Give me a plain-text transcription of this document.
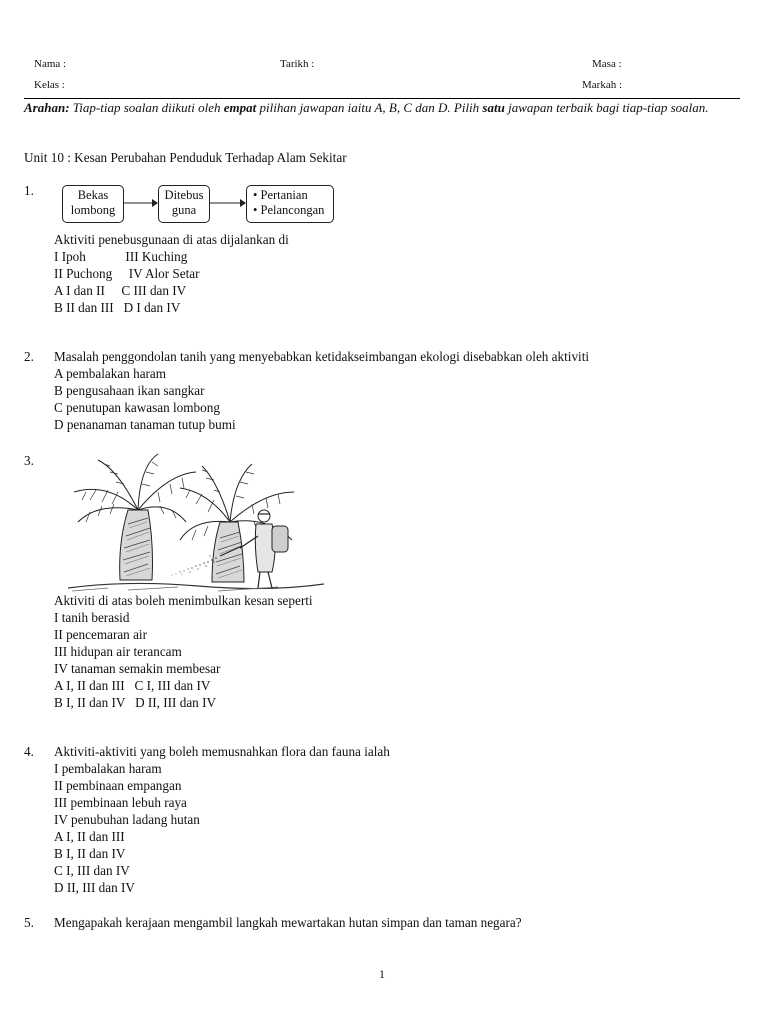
Nama :	Tarikh :	Masa :
Kelas :	Markah :
Arahan: Tiap-tiap soalan diikuti oleh empat pilihan jawapan iaitu A, B, C dan D. Pilih satu jawapan terbaik bagi tiap-tiap soalan.
Unit 10 : Kesan Perubahan Penduduk Terhadap Alam Sekitar
1.	Bekas
lombong
Ditebus
guna
• Pertanian
• Pelancongan
Aktiviti penebusgunaan di atas dijalankan di
I Ipoh            III Kuching
II Puchong     IV Alor Setar
A I dan II     C III dan IV
B II dan III   D I dan IV
2. Masalah penggondolan tanih yang menyebabkan ketidakseimbangan ekologi disebabkan oleh aktiviti
A pembalakan haram
B pengusahaan ikan sangkar
C penutupan kawasan lombong
D penanaman tanaman tutup bumi
3.
Aktiviti di atas boleh menimbulkan kesan seperti
I tanih berasid
II pencemaran air
III hidupan air terancam
IV tanaman semakin membesar
A I, II dan III   C I, III dan IV
B I, II dan IV   D II, III dan IV
4. Aktiviti-aktiviti yang boleh memusnahkan flora dan fauna ialah
I pembalakan haram
II pembinaan empangan
III pembinaan lebuh raya
IV penubuhan ladang hutan
A I, II dan III
B I, II dan IV
C I, III dan IV
D II, III dan IV
5. Mengapakah kerajaan mengambil langkah mewartakan hutan simpan dan taman negara?
1
